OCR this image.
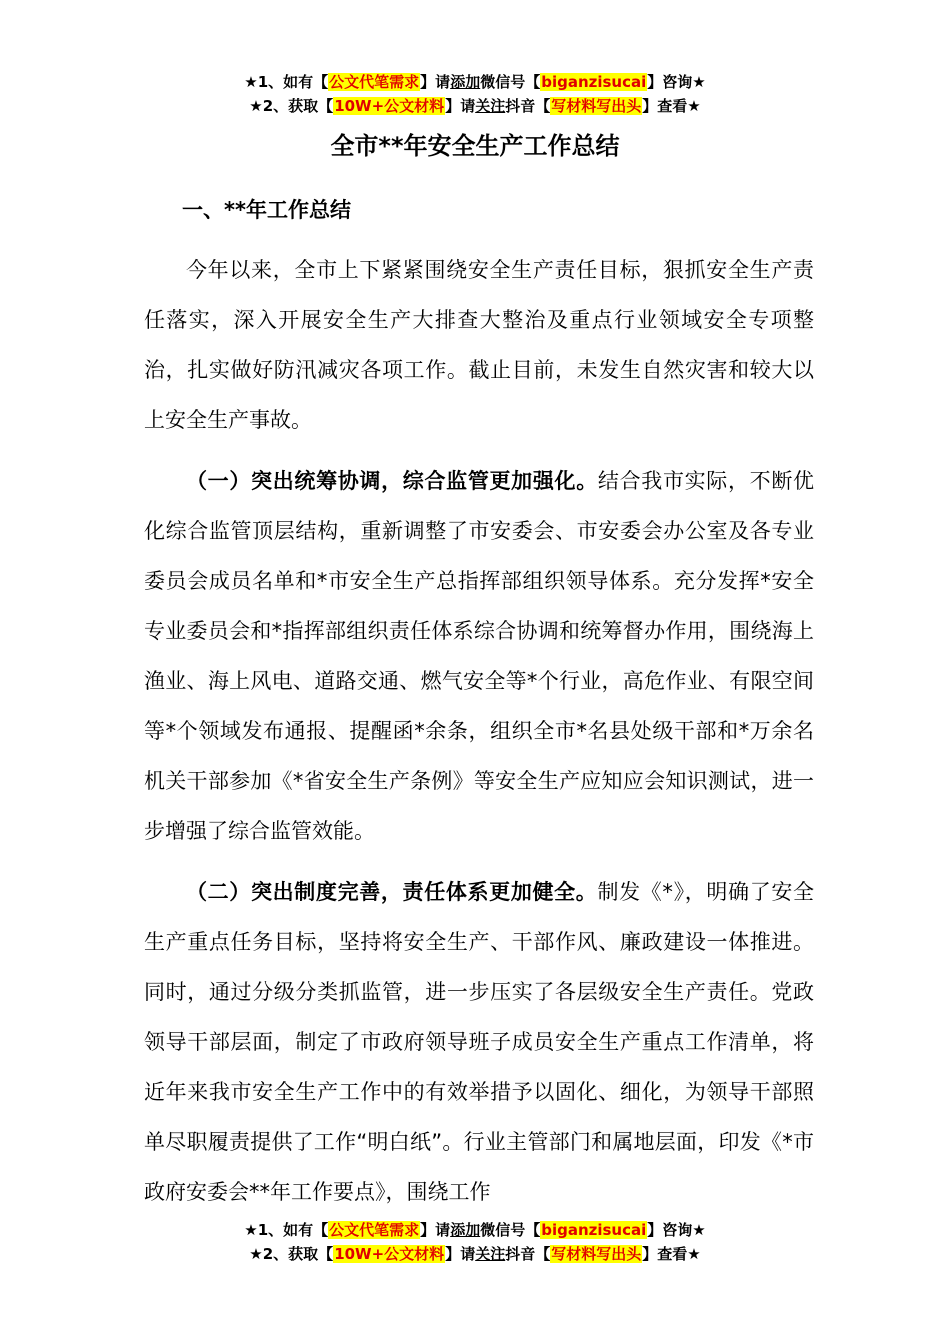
★1、如有【公文代笔需求】请添加微信号【biganzisucai】咨询★
★2、获取【10W+公文材料】请关注抖音【写材料写出头】查看★
全市**年安全生产工作总结
一、**年工作总结

今年以来，全市上下紧紧围绕安全生产责任目标，狠抓安全生产责任落实，深入开展安全生产大排查大整治及重点行业领域安全专项整治，扎实做好防汛减灾各项工作。截止目前，未发生自然灾害和较大以上安全生产事故。

（一）突出统筹协调，综合监管更加强化。结合我市实际，不断优化综合监管顶层结构，重新调整了市安委会、市安委会办公室及各专业委员会成员名单和*市安全生产总指挥部组织领导体系。充分发挥*安全专业委员会和*指挥部组织责任体系综合协调和统筹督办作用，围绕海上渔业、海上风电、道路交通、燃气安全等*个行业，高危作业、有限空间等*个领域发布通报、提醒函*余条，组织全市*名县处级干部和*万余名机关干部参加《*省安全生产条例》等安全生产应知应会知识测试，进一步增强了综合监管效能。

（二）突出制度完善，责任体系更加健全。制发《*》，明确了安全生产重点任务目标，坚持将安全生产、干部作风、廉政建设一体推进。同时，通过分级分类抓监管，进一步压实了各层级安全生产责任。党政领导干部层面，制定了市政府领导班子成员安全生产重点工作清单，将近年来我市安全生产工作中的有效举措予以固化、细化，为领导干部照单尽职履责提供了工作“明白纸”。行业主管部门和属地层面，印发《*市政府安委会**年工作要点》，围绕工作

★1、如有【公文代笔需求】请添加微信号【biganzisucai】咨询★
★2、获取【10W+公文材料】请关注抖音【写材料写出头】查看★
